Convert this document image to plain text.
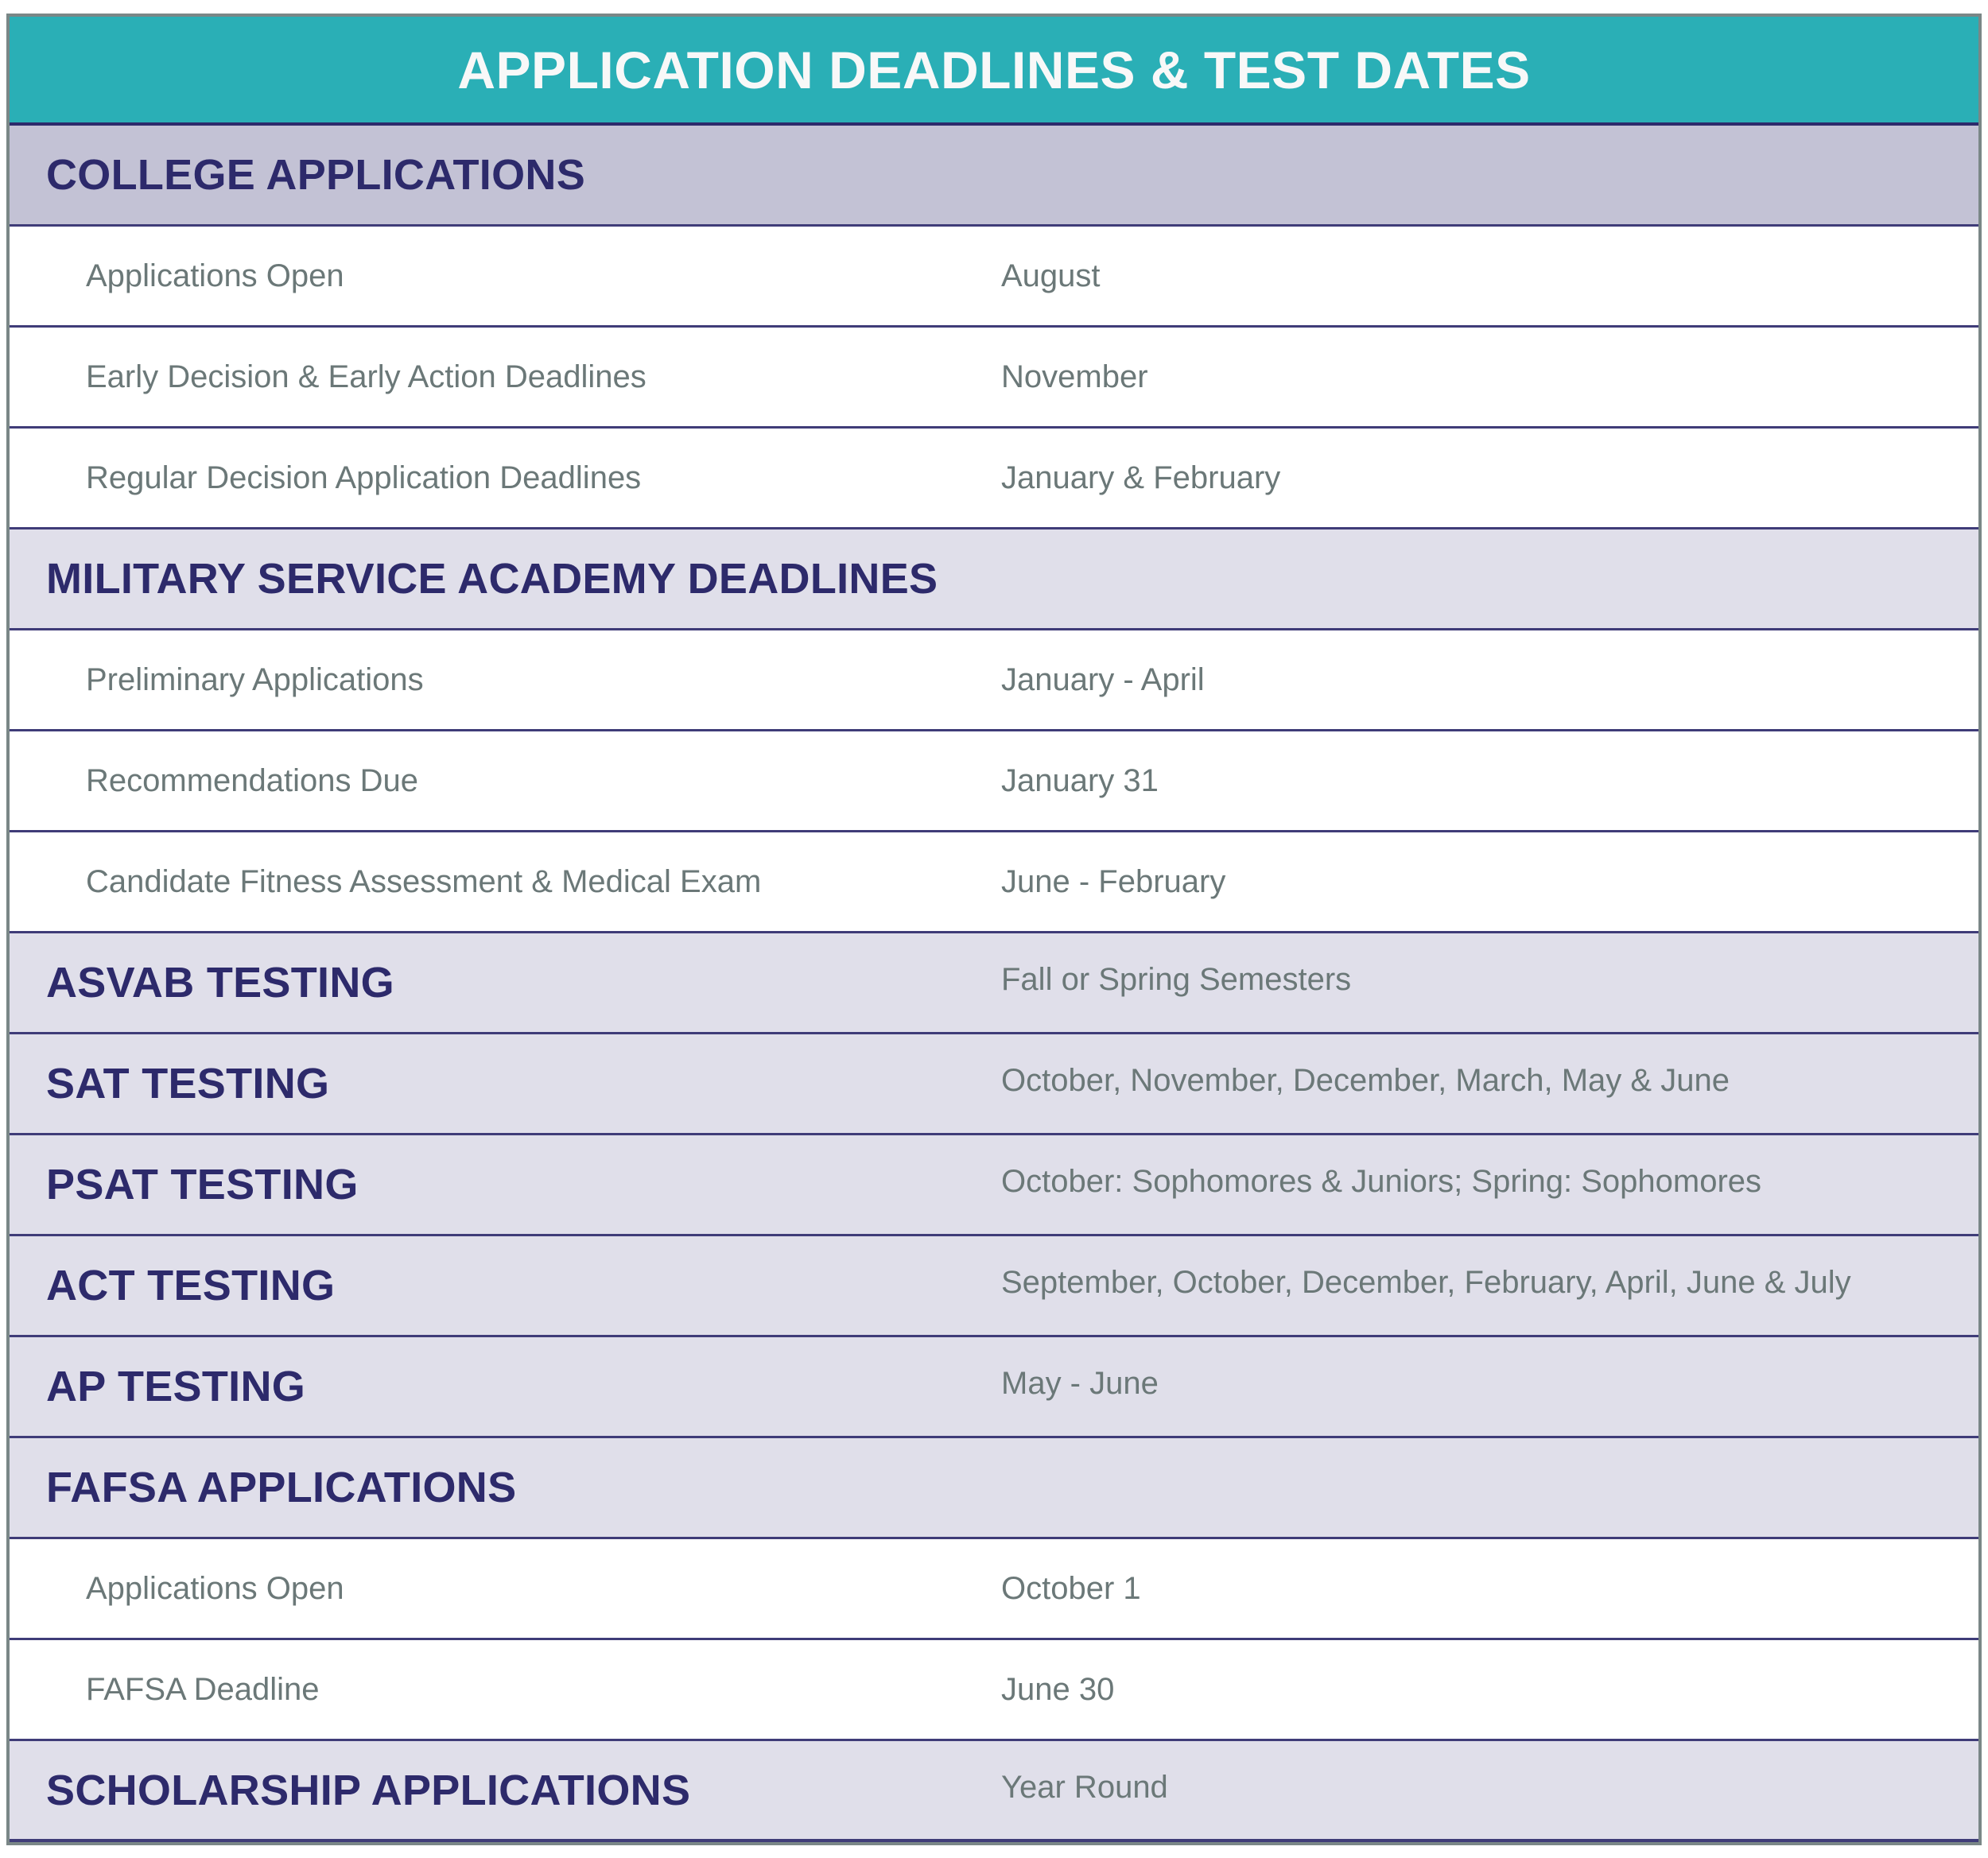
APPLICATION DEADLINES & TEST DATES
COLLEGE APPLICATIONS
Applications Open	August
Early Decision & Early Action Deadlines	November
Regular Decision Application Deadlines	January & February
MILITARY SERVICE ACADEMY DEADLINES
Preliminary Applications	January - April
Recommendations Due	January 31
Candidate Fitness Assessment & Medical Exam	June - February
ASVAB TESTING	Fall or Spring Semesters
SAT TESTING	October, November, December, March, May & June
PSAT TESTING	October: Sophomores & Juniors; Spring: Sophomores
ACT TESTING	September, October, December, February, April, June & July
AP TESTING	May - June
FAFSA APPLICATIONS
Applications Open	October 1
FAFSA Deadline	June 30
SCHOLARSHIP APPLICATIONS	Year Round
